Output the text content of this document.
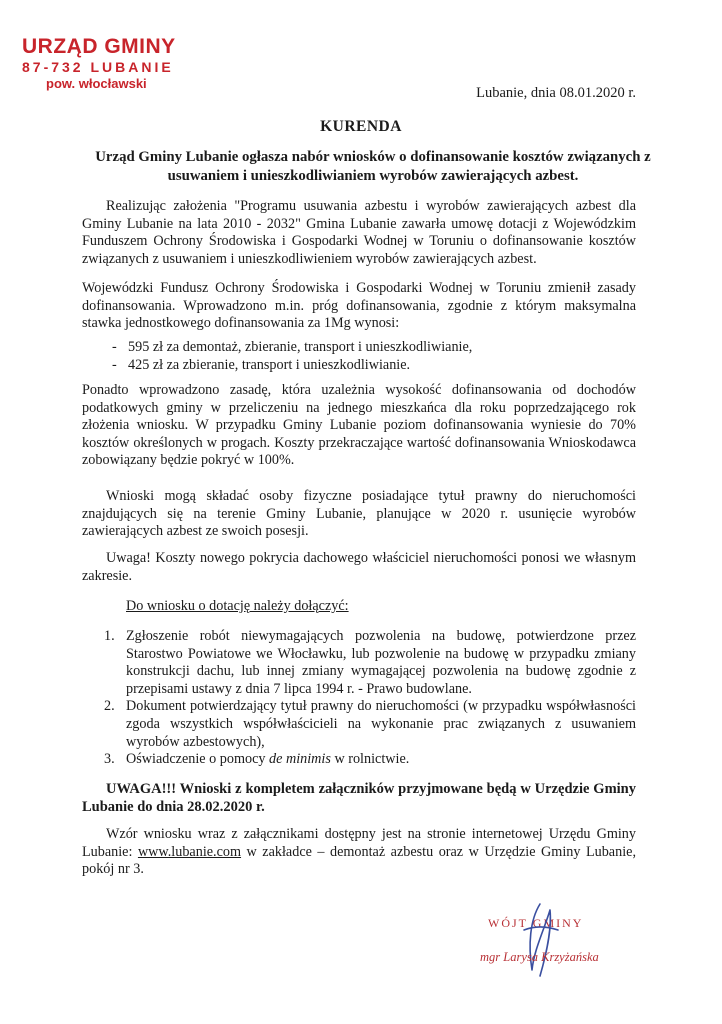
URZĄD GMINY
87-732 LUBANIE
pow. włocławski
Lubanie, dnia 08.01.2020 r.
KURENDA
Urząd Gminy Lubanie ogłasza nabór wniosków o dofinansowanie kosztów związanych z usuwaniem i unieszkodliwianiem wyrobów zawierających azbest.
Realizując założenia "Programu usuwania azbestu i wyrobów zawierających azbest dla Gminy Lubanie na lata 2010 - 2032" Gmina Lubanie zawarła umowę dotacji z Wojewódzkim Funduszem Ochrony Środowiska i Gospodarki Wodnej w Toruniu o dofinansowanie kosztów związanych z usuwaniem i unieszkodliwieniem wyrobów zawierających azbest.
Wojewódzki Fundusz Ochrony Środowiska i Gospodarki Wodnej w Toruniu zmienił zasady dofinansowania. Wprowadzono m.in. próg dofinansowania, zgodnie z którym maksymalna stawka jednostkowego dofinansowania za 1Mg wynosi:
- 595 zł za demontaż, zbieranie, transport i unieszkodliwianie,
- 425 zł za zbieranie, transport i unieszkodliwianie.
Ponadto wprowadzono zasadę, która uzależnia wysokość dofinansowania od dochodów podatkowych gminy w przeliczeniu na jednego mieszkańca dla roku poprzedzającego rok złożenia wniosku. W przypadku Gminy Lubanie poziom dofinansowania wyniesie do 70% kosztów określonych w progach. Koszty przekraczające wartość dofinansowania Wnioskodawca zobowiązany będzie pokryć w 100%.
Wnioski mogą składać osoby fizyczne posiadające tytuł prawny do nieruchomości znajdujących się na terenie Gminy Lubanie, planujące w 2020 r. usunięcie wyrobów zawierających azbest ze swoich posesji.
Uwaga! Koszty nowego pokrycia dachowego właściciel nieruchomości ponosi we własnym zakresie.
Do wniosku o dotację należy dołączyć:
1. Zgłoszenie robót niewymagających pozwolenia na budowę, potwierdzone przez Starostwo Powiatowe we Włocławku, lub pozwolenie na budowę w przypadku zmiany konstrukcji dachu, lub innej zmiany wymagającej pozwolenia na budowę zgodnie z przepisami ustawy z dnia 7 lipca 1994 r. - Prawo budowlane.
2. Dokument potwierdzający tytuł prawny do nieruchomości (w przypadku współwłasności zgoda wszystkich współwłaścicieli na wykonanie prac związanych z usuwaniem wyrobów azbestowych),
3. Oświadczenie o pomocy de minimis w rolnictwie.
UWAGA!!! Wnioski z kompletem załączników przyjmowane będą w Urzędzie Gminy Lubanie do dnia 28.02.2020 r.
Wzór wniosku wraz z załącznikami dostępny jest na stronie internetowej Urzędu Gminy Lubanie: www.lubanie.com w zakładce – demontaż azbestu oraz w Urzędzie Gminy Lubanie, pokój nr 3.
WÓJT GMINY
mgr Larysa Krzyżańska
